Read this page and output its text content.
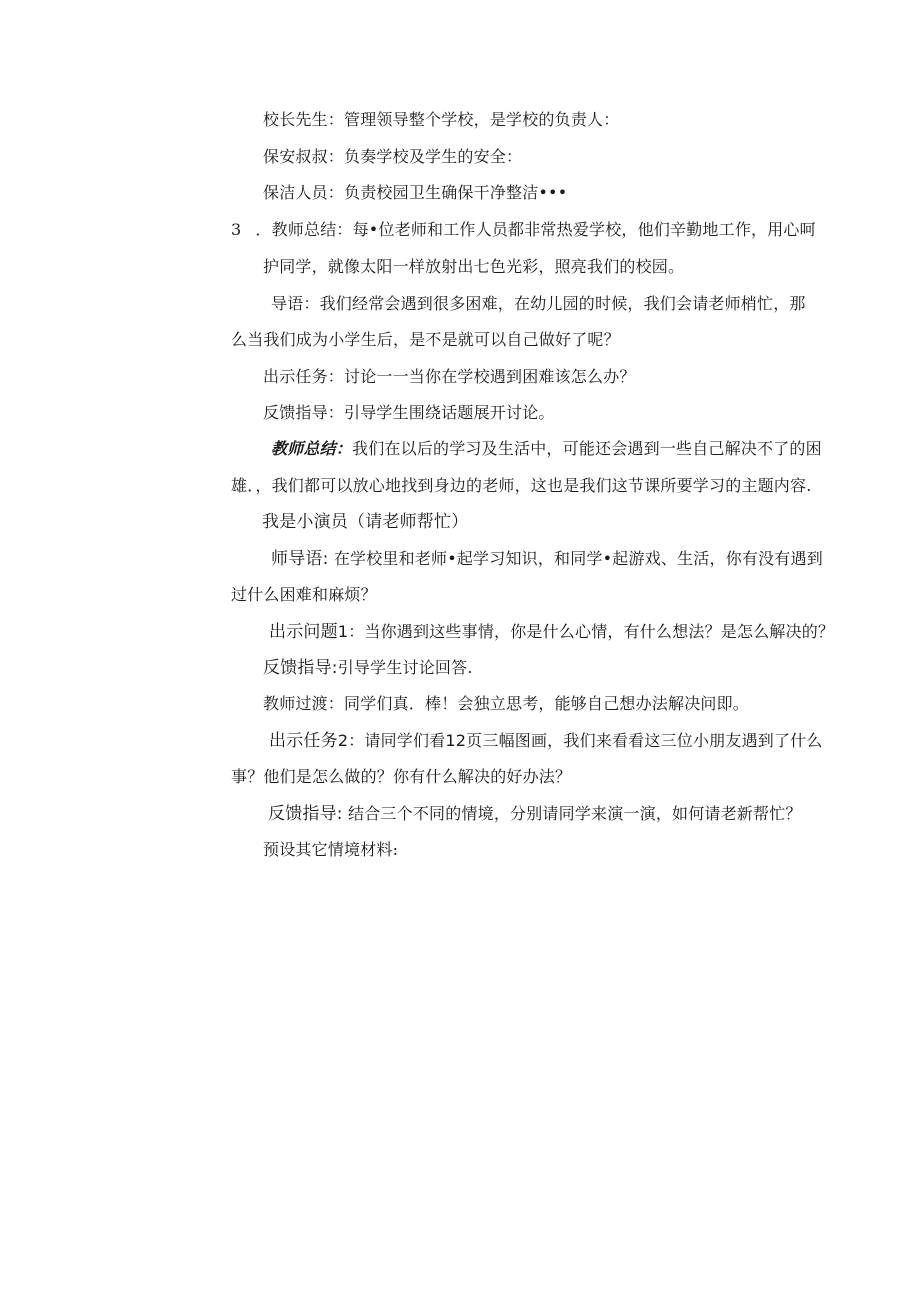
校长先生：管理领导整个学校，是学校的负责人：
保安叔叔：负奏学校及学生的安全：
保洁人员：负责校园卫生确保干净整洁•••
3 ．教师总结：每•位老师和工作人员都非常热爱学校，他们辛勤地工作，用心呵
护同学，就像太阳一样放射出七色光彩，照亮我们的校园。
导语：我们经常会遇到很多困难，在幼儿园的时候，我们会请老师梢忙，那
么当我们成为小学生后，是不是就可以自己做好了呢？
出示任务：讨论一一当你在学校遇到困难该怎么办？
反馈指导：引导学生围绕话题展开讨论。
教师总结：我们在以后的学习及生活中，可能还会遇到一些自己解决不了的困
雄．，我们都可以放心地找到身边的老师，这也是我们这节课所要学习的主题内容.
我是小演员（请老师帮忙）
师导语: 在学校里和老师•起学习知识，和同学•起游戏、生活，你有没有遇到
过什么困难和麻烦？
出示问题1：当你遇到这些事情，你是什么心情，有什么想法？是怎么解决的？
反馈指导:引导学生讨论回答.
教师过渡：同学们真．棒！会独立思考，能够自己想办法解决问即。
出示任务2：请同学们看12页三幅图画，我们来看看这三位小朋友遇到了什么
事？他们是怎么做的？你有什么解决的好办法？
反馈指导: 结合三个不同的情境，分别请同学来演一演，如何请老新帮忙？
预设其它情境材料:
